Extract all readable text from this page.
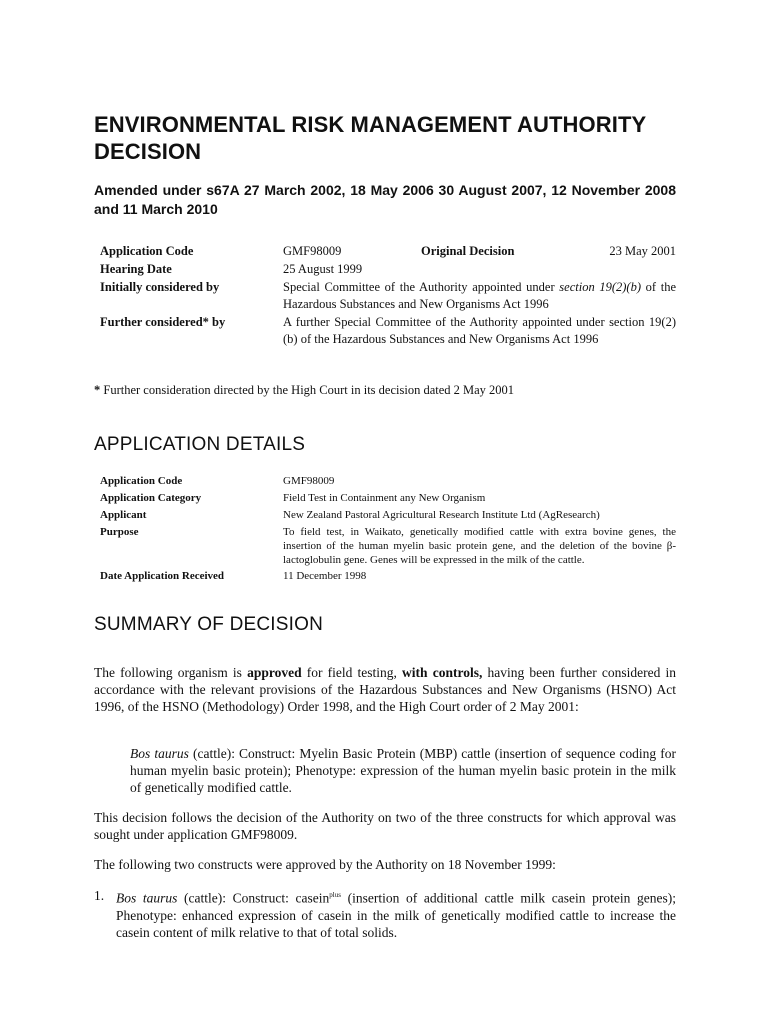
ENVIRONMENTAL RISK MANAGEMENT AUTHORITY DECISION
Amended under s67A 27 March 2002, 18 May 2006 30 August 2007, 12 November 2008 and 11 March 2010
Application Code	GMF98009	Original Decision	23 May 2001
Hearing Date	25 August 1999
Initially considered by	Special Committee of the Authority appointed under section 19(2)(b) of the Hazardous Substances and New Organisms Act 1996
Further considered* by	A further Special Committee of the Authority appointed under section 19(2)(b) of the Hazardous Substances and New Organisms Act 1996
* Further consideration directed by the High Court in its decision dated 2 May 2001
APPLICATION DETAILS
Application Code	GMF98009
Application Category	Field Test in Containment any New Organism
Applicant	New Zealand Pastoral Agricultural Research Institute Ltd (AgResearch)
Purpose	To field test, in Waikato, genetically modified cattle with extra bovine genes, the insertion of the human myelin basic protein gene, and the deletion of the bovine β-lactoglobulin gene. Genes will be expressed in the milk of the cattle.
Date Application Received	11 December 1998
SUMMARY OF DECISION
The following organism is approved for field testing, with controls, having been further considered in accordance with the relevant provisions of the Hazardous Substances and New Organisms (HSNO) Act 1996, of the HSNO (Methodology) Order 1998, and the High Court order of 2 May 2001:
Bos taurus (cattle): Construct: Myelin Basic Protein (MBP) cattle (insertion of sequence coding for human myelin basic protein); Phenotype: expression of the human myelin basic protein in the milk of genetically modified cattle.
This decision follows the decision of the Authority on two of the three constructs for which approval was sought under application GMF98009.
The following two constructs were approved by the Authority on 18 November 1999:
1. Bos taurus (cattle): Construct: casein$^{plus}$ (insertion of additional cattle milk casein protein genes); Phenotype: enhanced expression of casein in the milk of genetically modified cattle to increase the casein content of milk relative to that of total solids.
